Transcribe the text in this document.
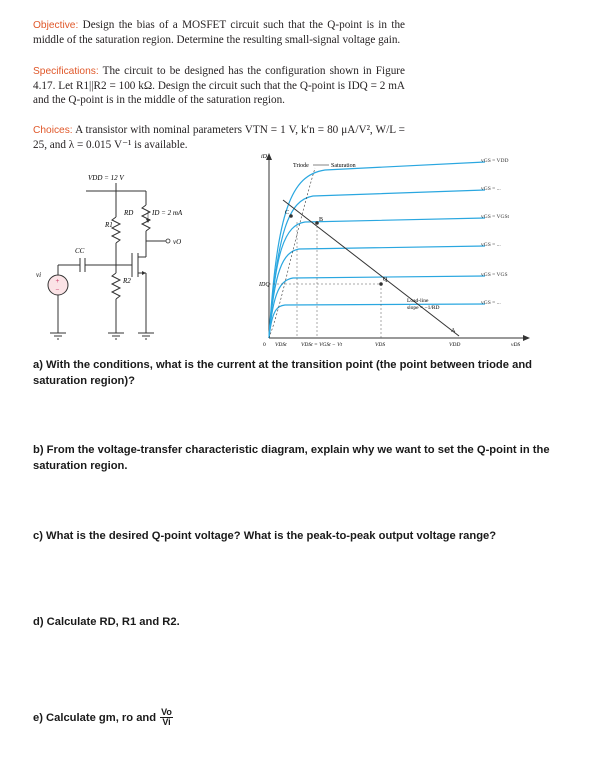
Objective: Design the bias of a MOSFET circuit such that the Q-point is in the middle of the saturation region. Determine the resulting small-signal voltage gain.
Specifications: The circuit to be designed has the configuration shown in Figure 4.17. Let R1||R2 = 100 kΩ. Design the circuit such that the Q-point is IDQ = 2 mA and the Q-point is in the middle of the saturation region.
Choices: A transistor with nominal parameters VTN = 1 V, k′n = 80 μA/V², W/L = 25, and λ = 0.015 V⁻¹ is available.
VDD = 12 V
RD	ID = 2 mA
R1
R2
vO
CC
vi
+
−
iD
Triode	Saturation
Q
B
C
A
IDQ
Load-line
slope = −1/RD
vGS = VDD
vGS = ...
vGS = VGSt
vGS = ...
vGS = VGS
vGS = ...
0 VDSt	VDSt = VGSt − Vt	VDS	VDD	vDS
a) With the conditions, what is the current at the transition point (the point between triode and saturation region)?
b) From the voltage-transfer characteristic diagram, explain why we want to set the Q-point in the saturation region.
c) What is the desired Q-point voltage? What is the peak-to-peak output voltage range?
d) Calculate RD, R1 and R2.
e) Calculate gm, ro and $\frac{Vo}{Vi}$
